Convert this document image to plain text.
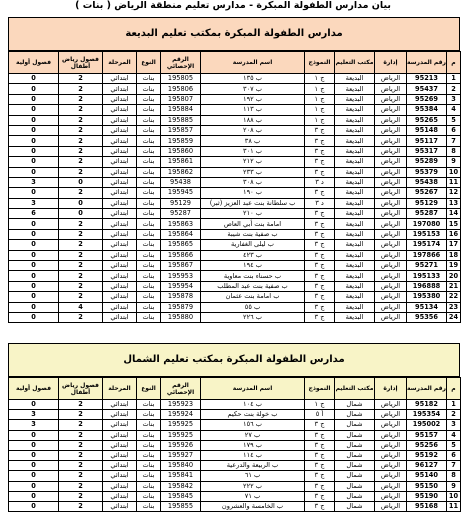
بيان مدارس الطفولة المبكرة - مدارس تعليم منطقة الرياض ( بنات )
مدارس الطفولة المبكرة بمكتب تعليم البديعة
م	رقم المدرسة	إدارة	مكتب التعليم	النموذج	اسم المدرسة	الرقم الإحصائي	النوع	المرحلة	فصول رياض أطفال	فصول أولية
1	95213	الرياض	البديعة	ج ١	ب ١٣٥	195805	بنات	ابتدائي	2	0
2	95437	الرياض	البديعة	ج ١	ب ٣٠٧	195806	بنات	ابتدائي	2	0
3	95269	الرياض	البديعة	ج ١	ب ١٩٢	195807	بنات	ابتدائي	2	0
4	95384	الرياض	البديعة	ج ١	ب ١١٣	195884	بنات	ابتدائي	2	0
5	95265	الرياض	البديعة	ج ١	ب ١٨٨	195885	بنات	ابتدائي	2	0
6	95148	الرياض	البديعة	ج ٣	ب ٢٠٨	195857	بنات	ابتدائي	2	0
7	95117	الرياض	البديعة	ج ٣	ب ٣٨	195859	بنات	ابتدائي	2	0
8	95317	الرياض	البديعة	ج ٣	ب ٣٠١	195860	بنات	ابتدائي	2	0
9	95289	الرياض	البديعة	ج ٣	ب ٢١٢	195861	بنات	ابتدائي	2	0
10	95379	الرياض	البديعة	ج ٣	ب ٢٣٣	195862	بنات	ابتدائي	2	0
11	95438	الرياض	البديعة	د ٣	ب ٣٠٨	95438	بنات	ابتدائي	0	3
12	95267	الرياض	البديعة	ج ٣	ب ١٩٠	195945	بنات	ابتدائي	2	0
13	95129	الرياض	البديعة	د ٣	ب سلطانة بنت عبد العزيز (ثبر)	95129	بنات	ابتدائي	0	3
14	95287	الرياض	البديعة	ج ٣	ب ٢١٠	95287	بنات	ابتدائي	0	6
15	197080	الرياض	البديعة	ج ٣	امامة بنت أبي العاص	195863	بنات	ابتدائي	2	0
16	195153	الرياض	البديعة	ج ٣	ب صفية بنت شيبة	195864	بنات	ابتدائي	2	0
17	195174	الرياض	البديعة	ج ٣	ب ليلى الغفارية	195865	بنات	ابتدائي	2	0
18	197866	الرياض	البديعة	ج ٣	ب ٤٢٣	195866	بنات	ابتدائي	2	0
19	95271	الرياض	البديعة	ج ٣	ب ١٩٤	195867	بنات	ابتدائي	2	0
20	195133	الرياض	البديعة	ج ٣	ب حسناء بنت معاوية	195953	بنات	ابتدائي	2	0
21	196888	الرياض	البديعة	ج ٣	ب صفية بنت عبد المطلب	195954	بنات	ابتدائي	2	0
22	195380	الرياض	البديعة	ج ٣	ب امامة بنت عثمان	195878	بنات	ابتدائي	2	0
23	95134	الرياض	البديعة	ج ٣	ب ٥٥	195879	بنات	ابتدائي	4	0
24	95356	الرياض	البديعة	ج ٣	ب ٢٢٦	195880	بنات	ابتدائي	2	0
مدارس الطفولة المبكرة بمكتب تعليم الشمال
م	رقم المدرسة	إدارة	مكتب التعليم	النموذج	اسم المدرسة	الرقم الإحصائي	النوع	المرحلة	فصول رياض أطفال	فصول أولية
1	95182	الرياض	شمال	ج ١	ب ١٠٤	195923	بنات	ابتدائي	2	0
2	195354	الرياض	شمال	أ ٥	ب خولة بنت حكيم	195924	بنات	ابتدائي	2	3
3	195002	الرياض	شمال	ج ٣	ب ١٥٦	195925	بنات	ابتدائي	2	3
4	95157	الرياض	شمال	ج ٣	ب ٢٧	195925	بنات	ابتدائي	2	0
5	95256	الرياض	شمال	ج ٣	ب ١٧٩	195926	بنات	ابتدائي	2	0
6	95192	الرياض	شمال	ج ٣	ب ١١٤	195927	بنات	ابتدائي	2	0
7	96127	الرياض	شمال	ج ٣	ب الربيعة والدرعية	195840	بنات	ابتدائي	2	0
8	95140	الرياض	شمال	ج ٣	ب ٦١	195841	بنات	ابتدائي	2	0
9	95150	الرياض	شمال	ج ٣	ب ٢٢٢	195842	بنات	ابتدائي	2	0
10	95190	الرياض	شمال	ج ٣	ب ٧١	195845	بنات	ابتدائي	2	0
11	95168	الرياض	شمال	ج ٣	ب الخامسة والعشرون	195855	بنات	ابتدائي	2	0
